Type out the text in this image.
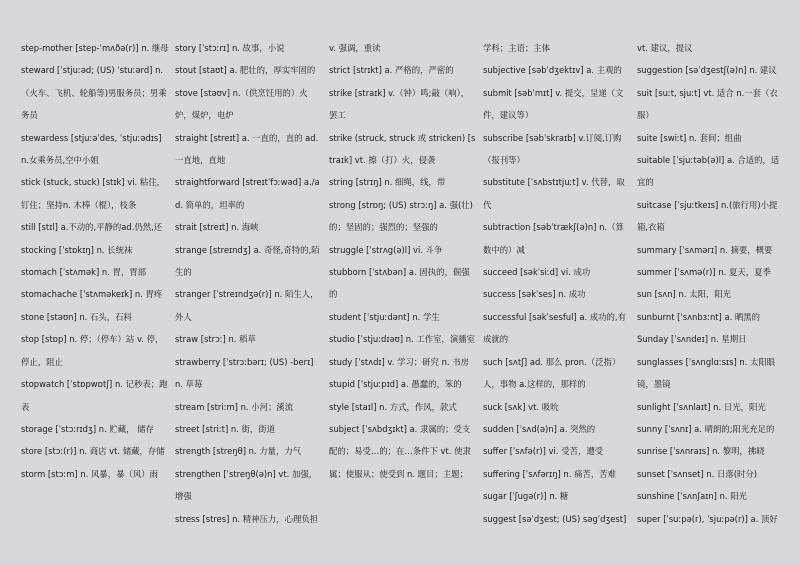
step-mother [step-ˈmʌðə(r)] n. 继母

steward [ˈstjuːəd; (US) ˈstuːərd] n.（火车、飞机、轮船等)男服务员；男乘务员

stewardess [stjuːəˈdes, ˈstjuːədɪs] n.女乘务员,空中小姐

stick (stuck, stuck) [stɪk] vi. 粘住，钉住；坚持n. 木棒（棍），枝条

still [stɪl] a.不动的,平静的ad.仍然,还

stocking [ˈstɒkɪŋ] n. 长统袜

stomach [ˈstʌmək] n. 胃，胃部

stomachache [ˈstʌməkeɪk] n. 胃疼

stone [stəʊn] n. 石头，石料

stop [stɒp] n. 停；（停车）站 v. 停，停止，阻止

stopwatch [ˈstɒpwɒtʃ] n. 记秒表；跑表

storage [ˈstɔːrɪdʒ] n. 贮藏， 储存

store [stɔː(r)] n. 商店 vt. 储藏，存储

storm [stɔːm] n. 风暴，暴（风）雨

story [ˈstɔːrɪ] n. 故事，小说

stout [staʊt] a. 肥壮的，厚实牢固的

stove [stəʊv] n.（供烹饪用的）火炉，煤炉，电炉

straight [streɪt] a. 一直的，直的 ad. 一直地，直地

straightforward [streɪtˈfɔːwəd] a./ad. 简单的，坦率的

strait [streɪt] n. 海峡

strange [streɪndʒ] a. 奇怪,奇特的,陌生的

stranger [ˈstreɪndʒə(r)] n. 陌生人，外人

straw [strɔː] n. 稻草

strawberry [ˈstrɔːbərɪ; (US) -berɪ] n. 草莓

stream [striːm] n. 小河；溪流

street [striːt] n. 街，街道

strength [streŋθ] n. 力量，力气

strengthen [ˈstreŋθ(ə)n] vt. 加强，增强

stress [stres] n. 精神压力，心理负担

v. 强调，重读

strict [strɪkt] a. 严格的，严密的

strike [straɪk] v.（钟）鸣;敲（响），罢工

strike (struck, struck 或 stricken) [straɪk] vt. 擦（打）火，侵袭

string [strɪŋ] n. 细绳，线，带

strong [strɒŋ; (US) strɔːŋ] a. 强(壮)的；坚固的；强烈的；坚强的

struggle [ˈstrʌg(ə)l] vi. 斗争

stubborn [ˈstʌbən] a. 固执的，倔强的

student [ˈstjuːdənt] n. 学生

studio [ˈstjuːdɪəʊ] n. 工作室，演播室

study [ˈstʌdɪ] v. 学习；研究 n. 书房

stupid [ˈstjuːpɪd] a. 愚蠢的，笨的

style [staɪl] n. 方式，作风，款式

subject [ˈsʌbdʒɪkt] a. 隶属的；受支配的；易受…的；在…条件下 vt. 使隶属；使服从；使受到 n. 题目；主题；

学科；主语；主体

subjective [səbˈdʒektɪv] a. 主观的

submit [səbˈmɪt] v. 提交，呈递（文件，建议等）

subscribe [səbˈskraɪb] v.订阅,订购（报刊等）

substitute [ˈsʌbstɪtjuːt] v. 代替，取代

subtraction [səbˈtrækʃ(ə)n] n.（算数中的）减

succeed [səkˈsiːd] vi. 成功

success [səkˈses] n. 成功

successful [səkˈsesful] a. 成功的,有成就的

such [sʌtʃ] ad. 那么 pron.（泛指）人，事物 a.这样的，那样的

suck [sʌk] vt. 吸吮

sudden [ˈsʌd(ə)n] a. 突然的

suffer [ˈsʌfə(r)] vi. 受苦，遭受

suffering [ˈsʌfərɪŋ] n. 痛苦，苦难

sugar [ˈʃugə(r)] n. 糖

suggest [səˈdʒest; (US) səgˈdʒest]

vt. 建议，提议

suggestion [səˈdʒestʃ(ə)n] n. 建议

suit [suːt, sjuːt] vt. 适合 n.一套（衣服）

suite [swiːt] n. 套间；组曲

suitable [ˈsjuːtəb(ə)l] a. 合适的，适宜的

suitcase [ˈsjuːtkeɪs] n.(旅行用)小提箱,衣箱

summary [ˈsʌmərɪ] n. 摘要，概要

summer [ˈsʌmə(r)] n. 夏天，夏季

sun [sʌn] n. 太阳，阳光

sunburnt [ˈsʌnbɜːnt] a. 晒黑的

Sunday [ˈsʌndeɪ] n. 星期日

sunglasses [ˈsʌnglɑːsɪs] n. 太阳眼镜，墨镜

sunlight [ˈsʌnlaɪt] n. 日光，阳光

sunny [ˈsʌnɪ] a. 晴朗的;阳光充足的

sunrise [ˈsʌnraɪs] n. 黎明，拂晓

sunset [ˈsʌnset] n. 日落(时分)

sunshine [ˈsʌnʃaɪn] n. 阳光

super [ˈsuːpə(r), ˈsjuːpə(r)] a. 顶好
